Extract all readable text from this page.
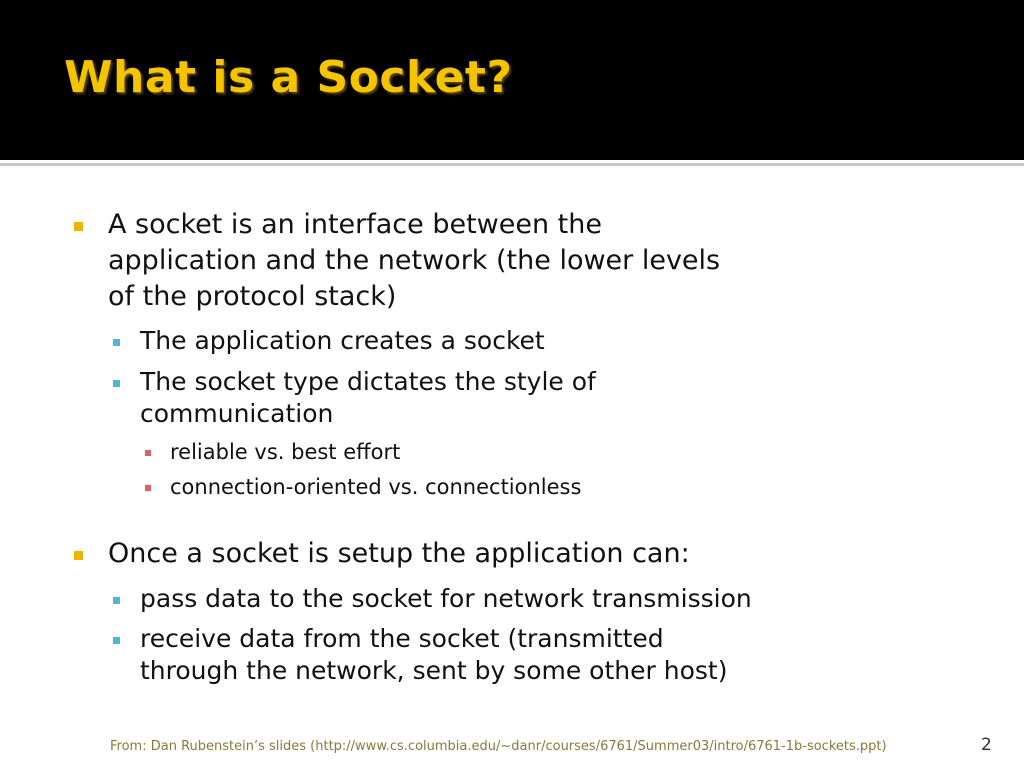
What is a Socket?
A socket is an interface between the
application and the network (the lower levels
of the protocol stack)
The application creates a socket
The socket type dictates the style of
communication
reliable vs. best effort
connection-oriented vs. connectionless
Once a socket is setup the application can:
pass data to the socket for network transmission
receive data from the socket (transmitted
through the network, sent by some other host)
From: Dan Rubenstein’s slides (http://www.cs.columbia.edu/~danr/courses/6761/Summer03/intro/6761-1b-sockets.ppt)	2
